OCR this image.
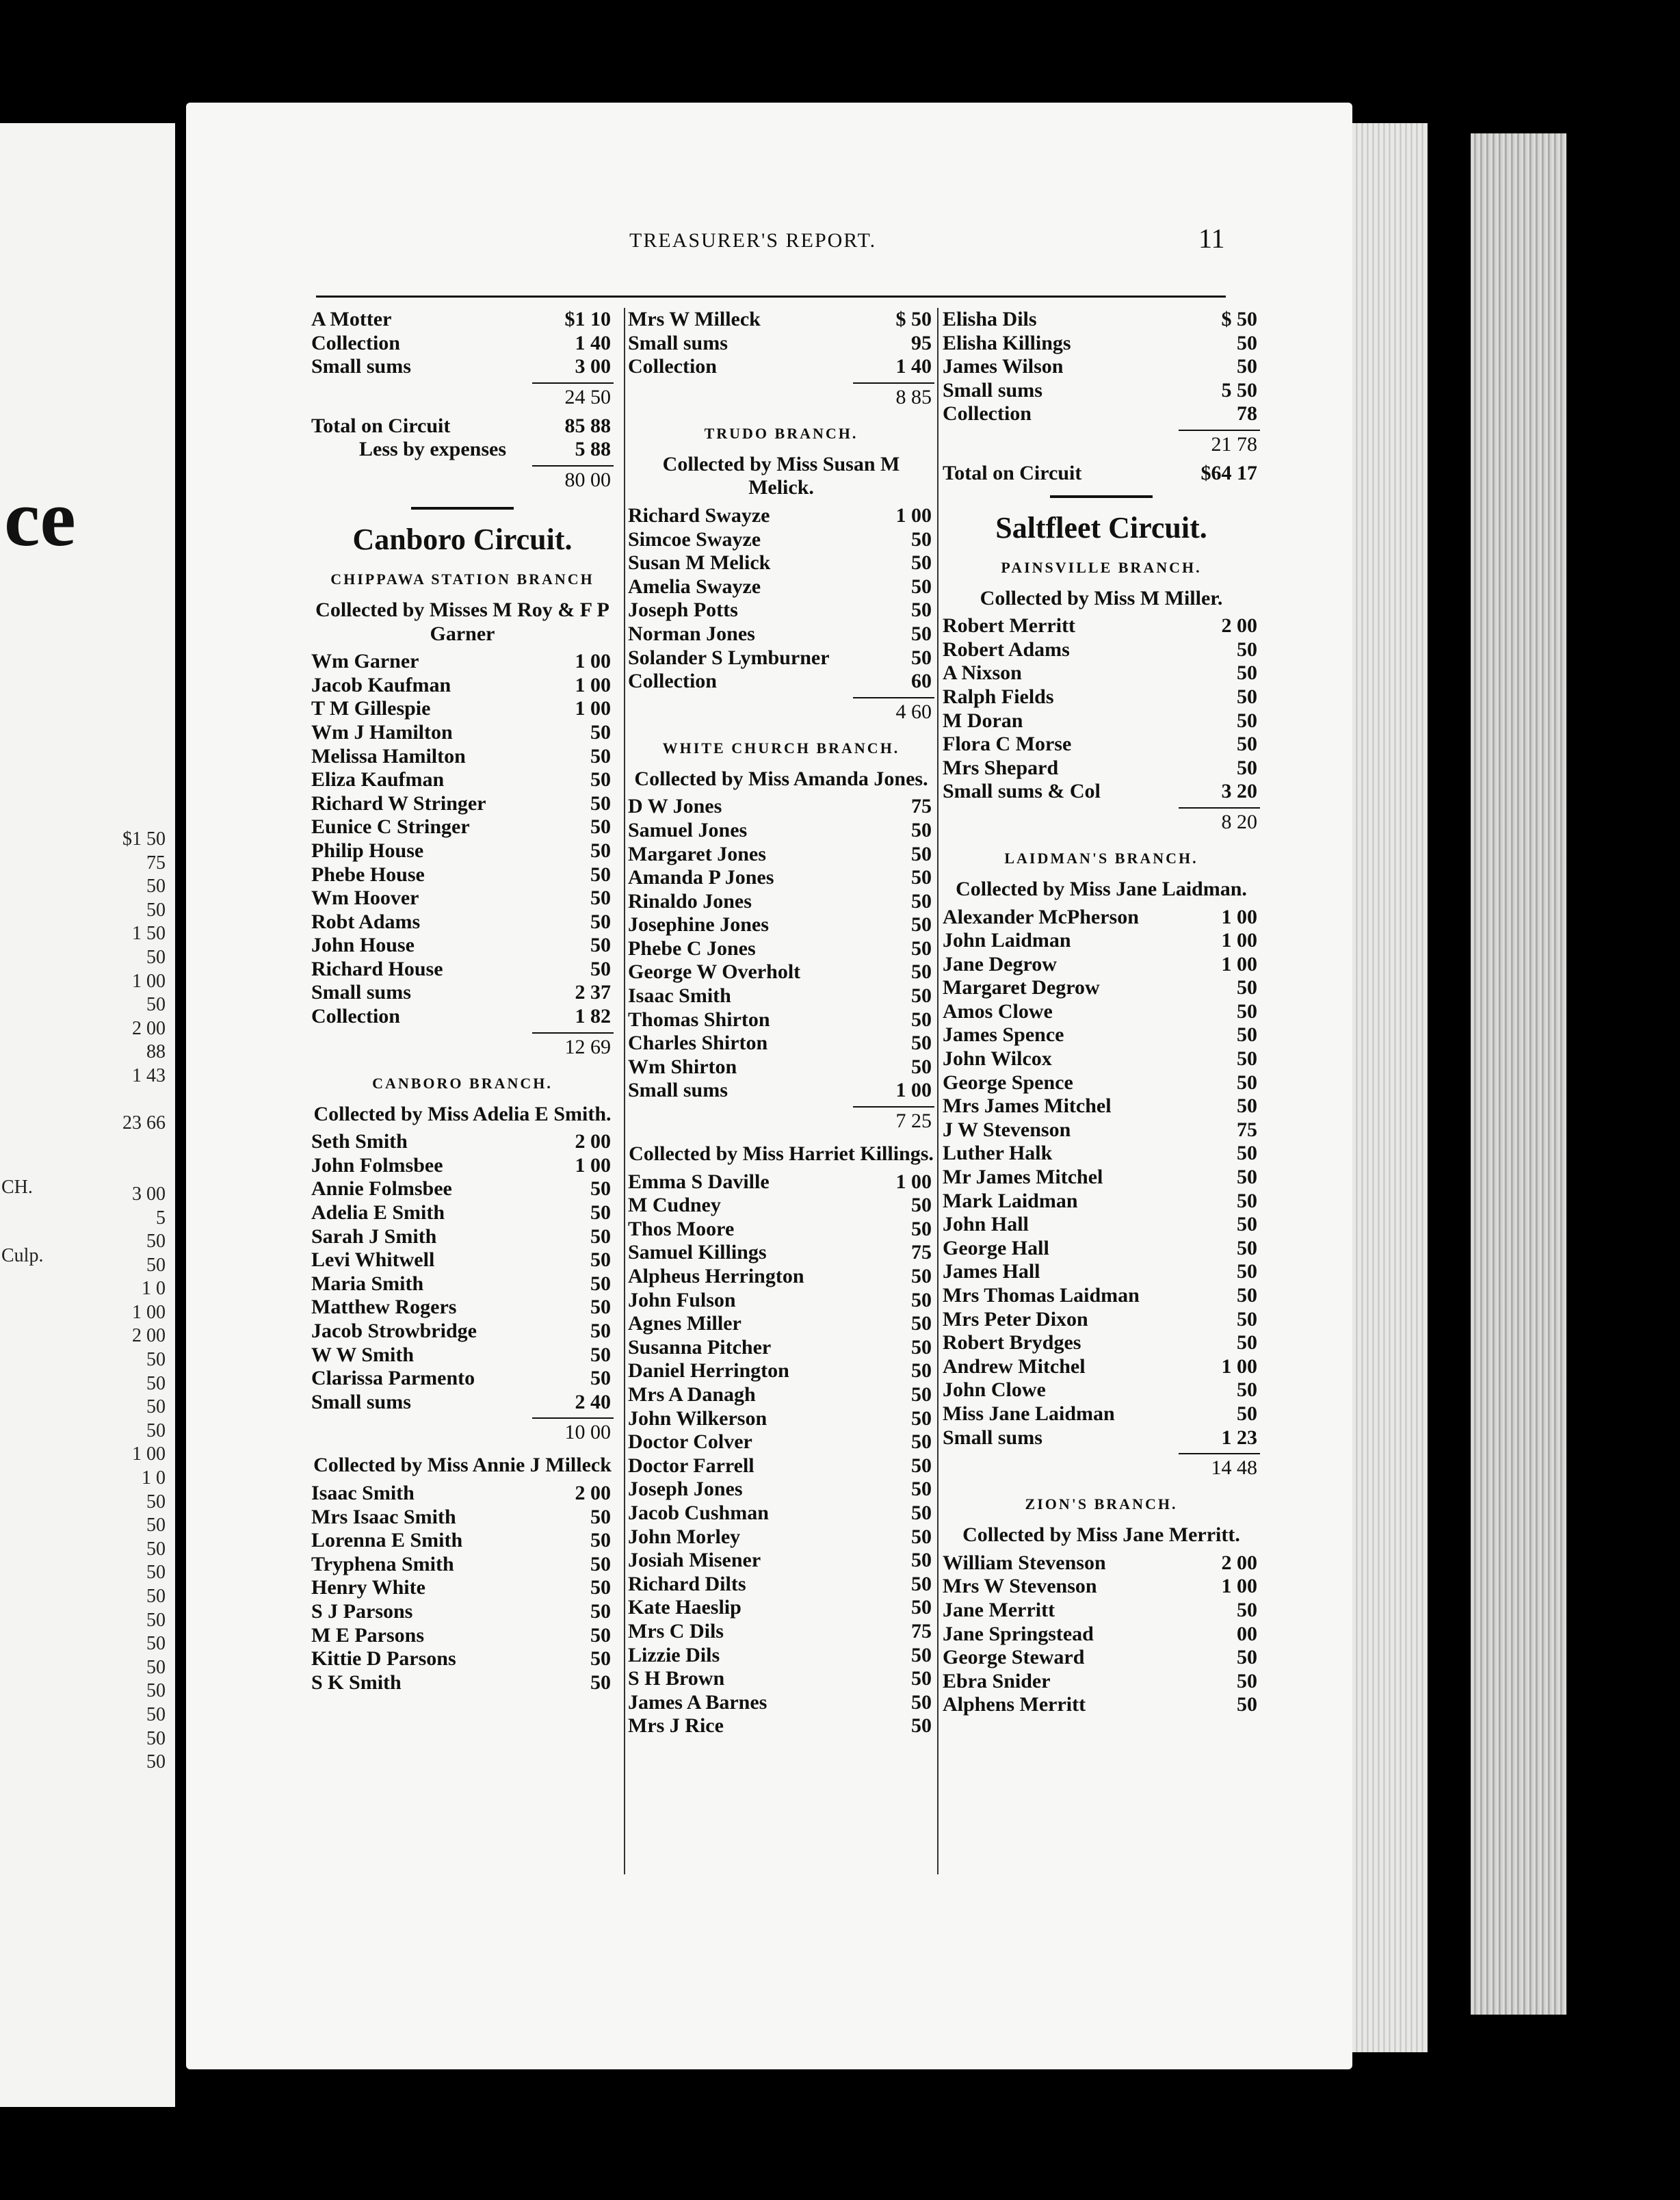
ce
$1 50
75
50
50
1 50
50
1 00
50
2 00
88
1 43

23 66

3 00
5
50
50
1 0
1 00
2 00
50
50
50
50
1 00
1 0
50
50
50
50
50
50
50
50
50
50
50
50
CH.
Culp.
TREASURER'S REPORT.	11
A Motter	$1 10
Collection	1 40
Small sums	3 00
24 50
Total on Circuit	85 88
Less by expenses	5 88
80 00
Canboro Circuit.
CHIPPAWA STATION BRANCH
Collected by Misses M Roy & F P Garner
Wm Garner	1 00
Jacob Kaufman	1 00
T M Gillespie	1 00
Wm J Hamilton	50
Melissa Hamilton	50
Eliza Kaufman	50
Richard W Stringer	50
Eunice C Stringer	50
Philip House	50
Phebe House	50
Wm Hoover	50
Robt Adams	50
John House	50
Richard House	50
Small sums	2 37
Collection	1 82
12 69
CANBORO BRANCH.
Collected by Miss Adelia E Smith.
Seth Smith	2 00
John Folmsbee	1 00
Annie Folmsbee	50
Adelia E Smith	50
Sarah J Smith	50
Levi Whitwell	50
Maria Smith	50
Matthew Rogers	50
Jacob Strowbridge	50
W W Smith	50
Clarissa Parmento	50
Small sums	2 40
10 00
Collected by Miss Annie J Milleck
Isaac Smith	2 00
Mrs Isaac Smith	50
Lorenna E Smith	50
Tryphena Smith	50
Henry White	50
S J Parsons	50
M E Parsons	50
Kittie D Parsons	50
S K Smith	50
Mrs W Milleck	$ 50
Small sums	95
Collection	1 40
8 85
TRUDO BRANCH.
Collected by Miss Susan M Melick.
Richard Swayze	1 00
Simcoe Swayze	50
Susan M Melick	50
Amelia Swayze	50
Joseph Potts	50
Norman Jones	50
Solander S Lymburner	50
Collection	60
4 60
WHITE CHURCH BRANCH.
Collected by Miss Amanda Jones.
D W Jones	75
Samuel Jones	50
Margaret Jones	50
Amanda P Jones	50
Rinaldo Jones	50
Josephine Jones	50
Phebe C Jones	50
George W Overholt	50
Isaac Smith	50
Thomas Shirton	50
Charles Shirton	50
Wm Shirton	50
Small sums	1 00
7 25
Collected by Miss Harriet Killings.
Emma S Daville	1 00
M Cudney	50
Thos Moore	50
Samuel Killings	75
Alpheus Herrington	50
John Fulson	50
Agnes Miller	50
Susanna Pitcher	50
Daniel Herrington	50
Mrs A Danagh	50
John Wilkerson	50
Doctor Colver	50
Doctor Farrell	50
Joseph Jones	50
Jacob Cushman	50
John Morley	50
Josiah Misener	50
Richard Dilts	50
Kate Haeslip	50
Mrs C Dils	75
Lizzie Dils	50
S H Brown	50
James A Barnes	50
Mrs J Rice	50
Elisha Dils	$ 50
Elisha Killings	50
James Wilson	50
Small sums	5 50
Collection	78
21 78
Total on Circuit	$64 17
Saltfleet Circuit.
PAINSVILLE BRANCH.
Collected by Miss M Miller.
Robert Merritt	2 00
Robert Adams	50
A Nixson	50
Ralph Fields	50
M Doran	50
Flora C Morse	50
Mrs Shepard	50
Small sums & Col	3 20
8 20
LAIDMAN'S BRANCH.
Collected by Miss Jane Laidman.
Alexander McPherson	1 00
John Laidman	1 00
Jane Degrow	1 00
Margaret Degrow	50
Amos Clowe	50
James Spence	50
John Wilcox	50
George Spence	50
Mrs James Mitchel	50
J W Stevenson	75
Luther Halk	50
Mr James Mitchel	50
Mark Laidman	50
John Hall	50
George Hall	50
James Hall	50
Mrs Thomas Laidman	50
Mrs Peter Dixon	50
Robert Brydges	50
Andrew Mitchel	1 00
John Clowe	50
Miss Jane Laidman	50
Small sums	1 23
14 48
ZION'S BRANCH.
Collected by Miss Jane Merritt.
William Stevenson	2 00
Mrs W Stevenson	1 00
Jane Merritt	50
Jane Springstead	00
George Steward	50
Ebra Snider	50
Alphens Merritt	50
